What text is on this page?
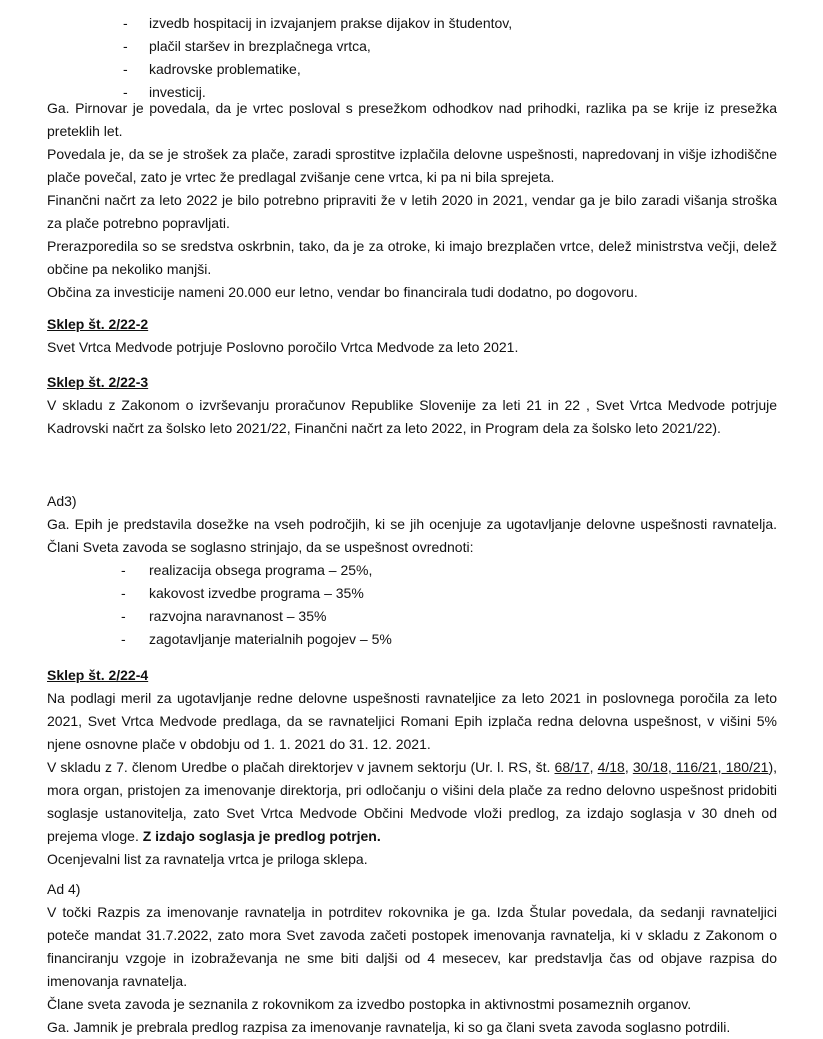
- izvedb hospitacij in izvajanjem prakse dijakov in študentov,
- plačil staršev in brezplačnega vrtca,
- kadrovske problematike,
- investicij.

Ga. Pirnovar je povedala, da je vrtec posloval s presežkom odhodkov nad prihodki, razlika pa se krije iz presežka preteklih let.

Povedala je, da se je strošek za plače, zaradi sprostitve izplačila delovne uspešnosti, napredovanj in višje izhodiščne plače povečal, zato je vrtec že predlagal zvišanje cene vrtca, ki pa ni bila sprejeta.

Finančni načrt za leto 2022 je bilo potrebno pripraviti že v letih 2020 in 2021, vendar ga je bilo zaradi višanja stroška za plače potrebno popravljati.

Prerazporedila so se sredstva oskrbnin, tako, da je za otroke, ki imajo brezplačen vrtce, delež ministrstva večji, delež občine pa nekoliko manjši.

Občina za investicije nameni 20.000 eur letno, vendar bo financirala tudi dodatno, po dogovoru.

Sklep št. 2/22-2

Svet Vrtca Medvode potrjuje Poslovno poročilo Vrtca Medvode za leto 2021.

Sklep št. 2/22-3

V skladu z Zakonom o izvrševanju proračunov Republike Slovenije za leti 21 in 22 , Svet Vrtca Medvode potrjuje Kadrovski načrt za šolsko leto 2021/22, Finančni načrt za leto 2022, in Program dela za šolsko leto 2021/22).

Ad3)

Ga. Epih je predstavila dosežke na vseh področjih, ki se jih ocenjuje za ugotavljanje delovne uspešnosti ravnatelja. Člani Sveta zavoda se soglasno strinjajo, da se uspešnost ovrednoti:

- realizacija obsega programa – 25%,
- kakovost izvedbe programa – 35%
- razvojna naravnanost – 35%
- zagotavljanje materialnih pogojev – 5%

Sklep št. 2/22-4

Na podlagi meril za ugotavljanje redne delovne uspešnosti ravnateljice za leto 2021 in poslovnega poročila za leto 2021, Svet Vrtca Medvode predlaga, da se ravnateljici Romani Epih izplača redna delovna uspešnost, v višini 5% njene osnovne plače v obdobju od 1. 1. 2021 do 31. 12. 2021.

V skladu z 7. členom Uredbe o plačah direktorjev v javnem sektorju (Ur. l. RS, št. 68/17, 4/18, 30/18, 116/21, 180/21), mora organ, pristojen za imenovanje direktorja, pri odločanju o višini dela plače za redno delovno uspešnost pridobiti soglasje ustanovitelja, zato Svet Vrtca Medvode Občini Medvode vloži predlog, za izdajo soglasja v 30 dneh od prejema vloge. Z izdajo soglasja je predlog potrjen.

Ocenjevalni list za ravnatelja vrtca je priloga sklepa.

Ad 4)

V točki Razpis za imenovanje ravnatelja in potrditev rokovnika je ga. Izda Štular povedala, da sedanji ravnateljici poteče mandat 31.7.2022, zato mora Svet zavoda začeti postopek imenovanja ravnatelja, ki v skladu z Zakonom o financiranju vzgoje in izobraževanja ne sme biti daljši od 4 mesecev, kar predstavlja čas od objave razpisa do imenovanja ravnatelja.

Člane sveta zavoda je seznanila z rokovnikom za izvedbo postopka in aktivnostmi posameznih organov.

Ga. Jamnik je prebrala predlog razpisa za imenovanje ravnatelja, ki so ga člani sveta zavoda soglasno potrdili.
